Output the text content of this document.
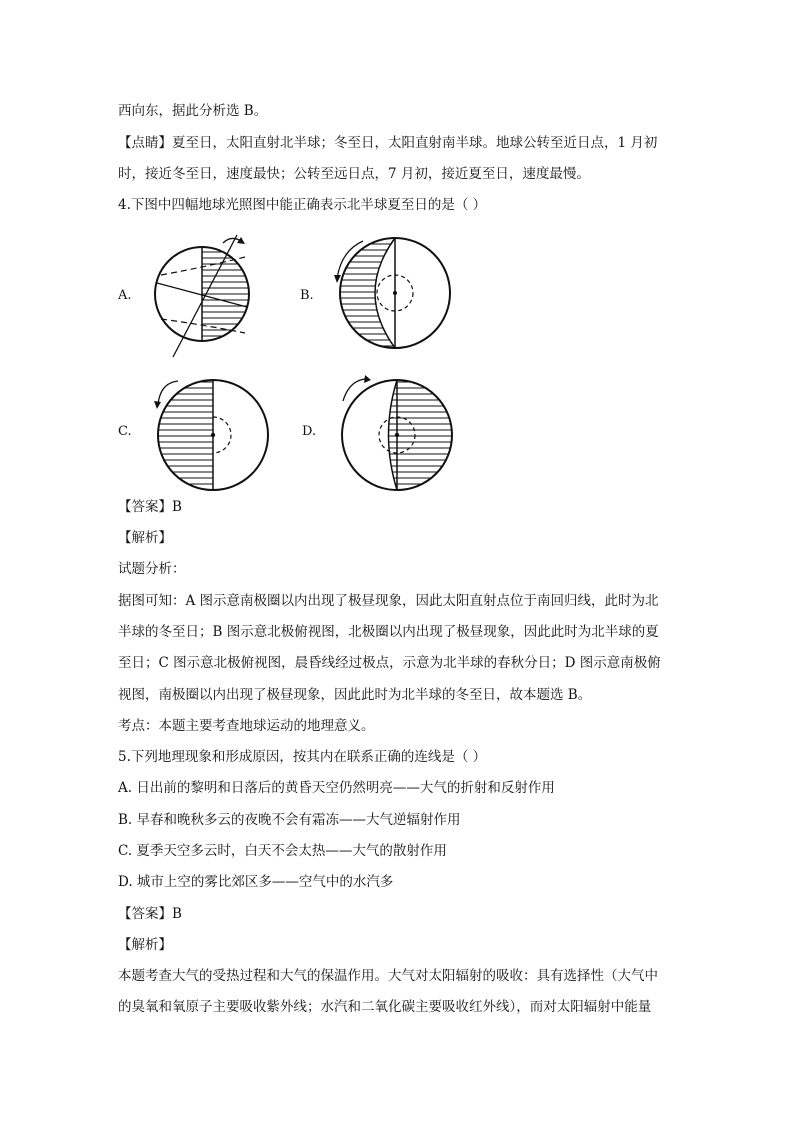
西向东，据此分析选 B。
【点睛】夏至日，太阳直射北半球；冬至日，太阳直射南半球。地球公转至近日点，1 月初
时，接近冬至日，速度最快；公转至远日点，7 月初，接近夏至日，速度最慢。
4.下图中四幅地球光照图中能正确表示北半球夏至日的是（ ）
A.	B.
C.	D.
【答案】B
【解析】
试题分析：
据图可知：A 图示意南极圈以内出现了极昼现象，因此太阳直射点位于南回归线，此时为北
半球的冬至日；B 图示意北极俯视图，北极圈以内出现了极昼现象，因此此时为北半球的夏
至日；C 图示意北极俯视图，晨昏线经过极点，示意为北半球的春秋分日；D 图示意南极俯
视图，南极圈以内出现了极昼现象，因此此时为北半球的冬至日，故本题选 B。
考点：本题主要考查地球运动的地理意义。
5.下列地理现象和形成原因，按其内在联系正确的连线是（ ）
A. 日出前的黎明和日落后的黄昏天空仍然明亮——大气的折射和反射作用
B. 早春和晚秋多云的夜晚不会有霜冻——大气逆辐射作用
C. 夏季天空多云时，白天不会太热——大气的散射作用
D. 城市上空的雾比郊区多——空气中的水汽多
【答案】B
【解析】
本题考查大气的受热过程和大气的保温作用。大气对太阳辐射的吸收：具有选择性（大气中
的臭氧和氧原子主要吸收紫外线；水汽和二氧化碳主要吸收红外线），而对太阳辐射中能量
